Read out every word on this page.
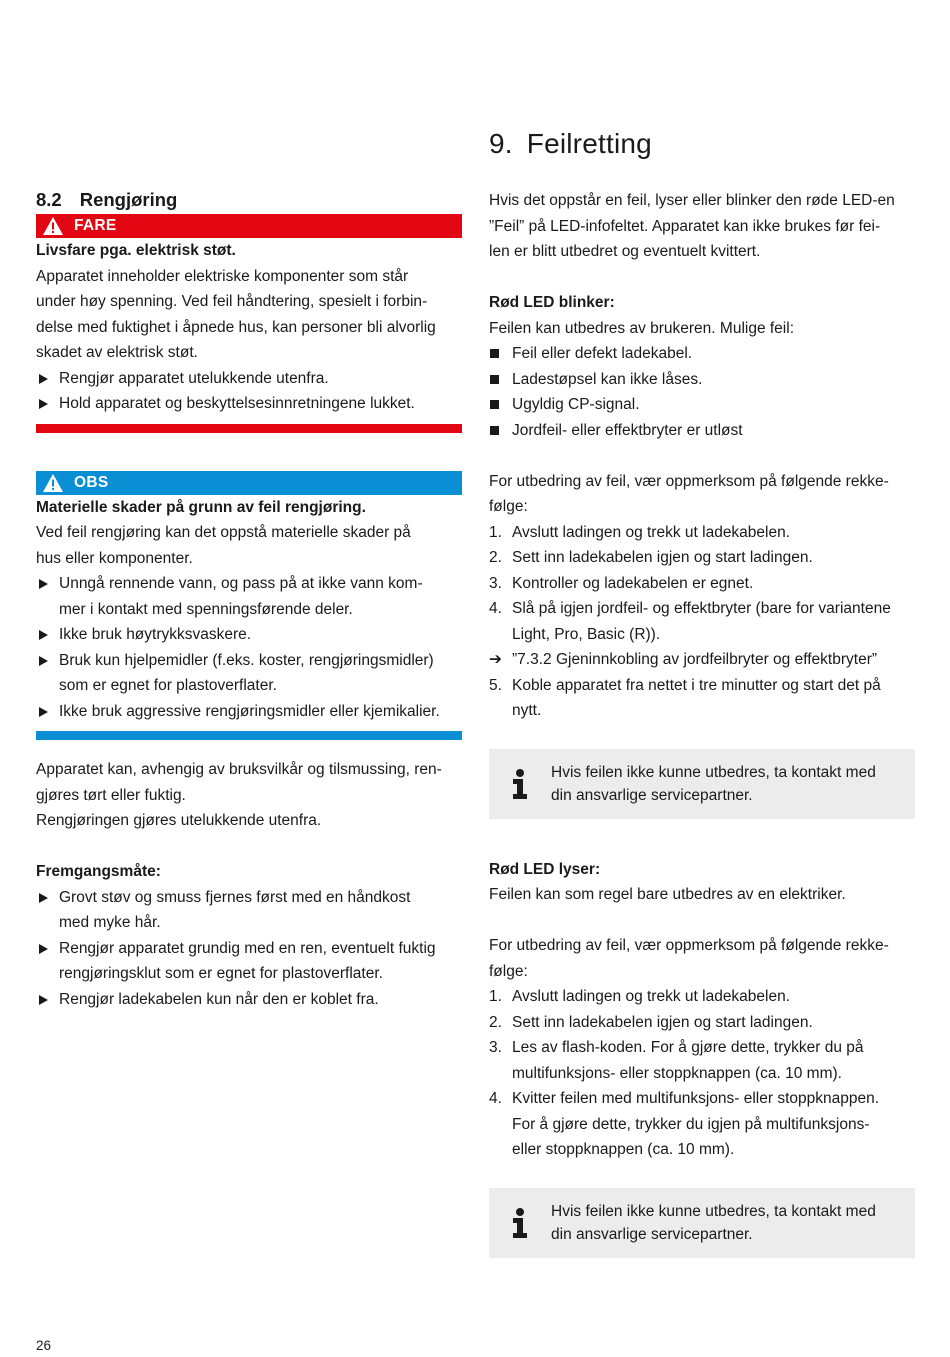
9. Feilretting
8.2 Rengjøring
FARE

Livsfare pga. elektrisk støt.

Apparatet inneholder elektriske komponenter som står

under høy spenning. Ved feil håndtering, spesielt i forbin-

delse med fuktighet i åpnede hus, kan personer bli alvorlig

skadet av elektrisk støt.

Rengjør apparatet utelukkende utenfra.
Hold apparatet og beskyttelsesinnretningene lukket.
OBS

Materielle skader på grunn av feil rengjøring.

Ved feil rengjøring kan det oppstå materielle skader på

hus eller komponenter.

Unngå rennende vann, og pass på at ikke vann kom-
mer i kontakt med spenningsførende deler.
Ikke bruk høytrykksvaskere.
Bruk kun hjelpemidler (f.eks. koster, rengjøringsmidler)
som er egnet for plastoverflater.
Ikke bruk aggressive rengjøringsmidler eller kjemikalier.

Apparatet kan, avhengig av bruksvilkår og tilsmussing, ren-

gjøres tørt eller fuktig.

Rengjøringen gjøres utelukkende utenfra.

Fremgangsmåte:

Grovt støv og smuss fjernes først med en håndkost
med myke hår.
Rengjør apparatet grundig med en ren, eventuelt fuktig
rengjøringsklut som er egnet for plastoverflater.
Rengjør ladekabelen kun når den er koblet fra.

Hvis det oppstår en feil, lyser eller blinker den røde LED-en

”Feil” på LED-infofeltet. Apparatet kan ikke brukes før fei-

len er blitt utbedret og eventuelt kvittert.

Rød LED blinker:

Feilen kan utbedres av brukeren. Mulige feil:

Feil eller defekt ladekabel.
Ladestøpsel kan ikke låses.
Ugyldig CP-signal.
Jordfeil- eller effektbryter er utløst

For utbedring av feil, vær oppmerksom på følgende rekke-

følge:

1. Avslutt ladingen og trekk ut ladekabelen.
2. Sett inn ladekabelen igjen og start ladingen.
3. Kontroller og ladekabelen er egnet.
4. Slå på igjen jordfeil- og effektbryter (bare for variantene
Light, Pro, Basic (R)).
➔ ”7.3.2 Gjeninnkobling av jordfeilbryter og effektbryter”
5. Koble apparatet fra nettet i tre minutter og start det på
nytt.
Hvis feilen ikke kunne utbedres, ta kontakt med
din ansvarlige servicepartner.

Rød LED lyser:

Feilen kan som regel bare utbedres av en elektriker.

For utbedring av feil, vær oppmerksom på følgende rekke-

følge:

1. Avslutt ladingen og trekk ut ladekabelen.
2. Sett inn ladekabelen igjen og start ladingen.
3. Les av flash-koden. For å gjøre dette, trykker du på
multifunksjons- eller stoppknappen (ca. 10 mm).
4. Kvitter feilen med multifunksjons- eller stoppknappen.
For å gjøre dette, trykker du igjen på multifunksjons-
eller stoppknappen (ca. 10 mm).
Hvis feilen ikke kunne utbedres, ta kontakt med
din ansvarlige servicepartner.
26
